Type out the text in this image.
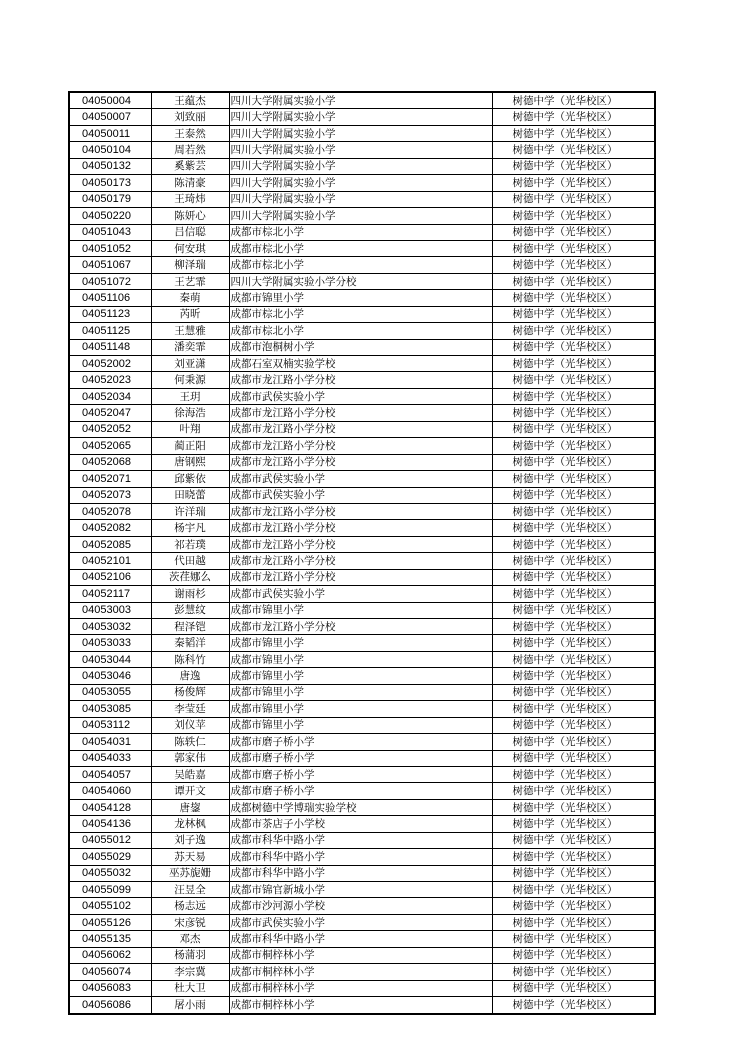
04050004	王蕴杰	四川大学附属实验小学	树德中学（光华校区）
04050007	刘致丽	四川大学附属实验小学	树德中学（光华校区）
04050011	王泰然	四川大学附属实验小学	树德中学（光华校区）
04050104	周若然	四川大学附属实验小学	树德中学（光华校区）
04050132	奚紫芸	四川大学附属实验小学	树德中学（光华校区）
04050173	陈清豪	四川大学附属实验小学	树德中学（光华校区）
04050179	王琦炜	四川大学附属实验小学	树德中学（光华校区）
04050220	陈妍心	四川大学附属实验小学	树德中学（光华校区）
04051043	吕信聪	成都市棕北小学	树德中学（光华校区）
04051052	何安琪	成都市棕北小学	树德中学（光华校区）
04051067	柳泽瑞	成都市棕北小学	树德中学（光华校区）
04051072	王艺霏	四川大学附属实验小学分校	树德中学（光华校区）
04051106	秦萌	成都市锦里小学	树德中学（光华校区）
04051123	芮昕	成都市棕北小学	树德中学（光华校区）
04051125	王慧雅	成都市棕北小学	树德中学（光华校区）
04051148	潘奕霏	成都市泡桐树小学	树德中学（光华校区）
04052002	刘亚潇	成都石室双楠实验学校	树德中学（光华校区）
04052023	何秉源	成都市龙江路小学分校	树德中学（光华校区）
04052034	王玥	成都市武侯实验小学	树德中学（光华校区）
04052047	徐海浩	成都市龙江路小学分校	树德中学（光华校区）
04052052	叶翔	成都市龙江路小学分校	树德中学（光华校区）
04052065	蔺正阳	成都市龙江路小学分校	树德中学（光华校区）
04052068	唐钢熙	成都市龙江路小学分校	树德中学（光华校区）
04052071	邱紫依	成都市武侯实验小学	树德中学（光华校区）
04052073	田晓蕾	成都市武侯实验小学	树德中学（光华校区）
04052078	许洋瑞	成都市龙江路小学分校	树德中学（光华校区）
04052082	杨宇凡	成都市龙江路小学分校	树德中学（光华校区）
04052085	祁若璞	成都市龙江路小学分校	树德中学（光华校区）
04052101	代田越	成都市龙江路小学分校	树德中学（光华校区）
04052106	茨荏娜么	成都市龙江路小学分校	树德中学（光华校区）
04052117	谢雨杉	成都市武侯实验小学	树德中学（光华校区）
04053003	彭慧纹	成都市锦里小学	树德中学（光华校区）
04053032	程泽铠	成都市龙江路小学分校	树德中学（光华校区）
04053033	秦韬洋	成都市锦里小学	树德中学（光华校区）
04053044	陈科竹	成都市锦里小学	树德中学（光华校区）
04053046	唐逸	成都市锦里小学	树德中学（光华校区）
04053055	杨俊辉	成都市锦里小学	树德中学（光华校区）
04053085	李莹廷	成都市锦里小学	树德中学（光华校区）
04053112	刘仪苹	成都市锦里小学	树德中学（光华校区）
04054031	陈轶仁	成都市磨子桥小学	树德中学（光华校区）
04054033	郭家伟	成都市磨子桥小学	树德中学（光华校区）
04054057	吴皓嘉	成都市磨子桥小学	树德中学（光华校区）
04054060	谭开文	成都市磨子桥小学	树德中学（光华校区）
04054128	唐鋆	成都树德中学博瑞实验学校	树德中学（光华校区）
04054136	龙林枫	成都市茶店子小学校	树德中学（光华校区）
04055012	刘子逸	成都市科华中路小学	树德中学（光华校区）
04055029	苏天易	成都市科华中路小学	树德中学（光华校区）
04055032	巫苏旎姗	成都市科华中路小学	树德中学（光华校区）
04055099	汪昱全	成都市锦官新城小学	树德中学（光华校区）
04055102	杨志远	成都市沙河源小学校	树德中学（光华校区）
04055126	宋彦锐	成都市武侯实验小学	树德中学（光华校区）
04055135	邓杰	成都市科华中路小学	树德中学（光华校区）
04056062	杨蒲羽	成都市桐梓林小学	树德中学（光华校区）
04056074	李宗冀	成都市桐梓林小学	树德中学（光华校区）
04056083	杜大卫	成都市桐梓林小学	树德中学（光华校区）
04056086	屠小雨	成都市桐梓林小学	树德中学（光华校区）
